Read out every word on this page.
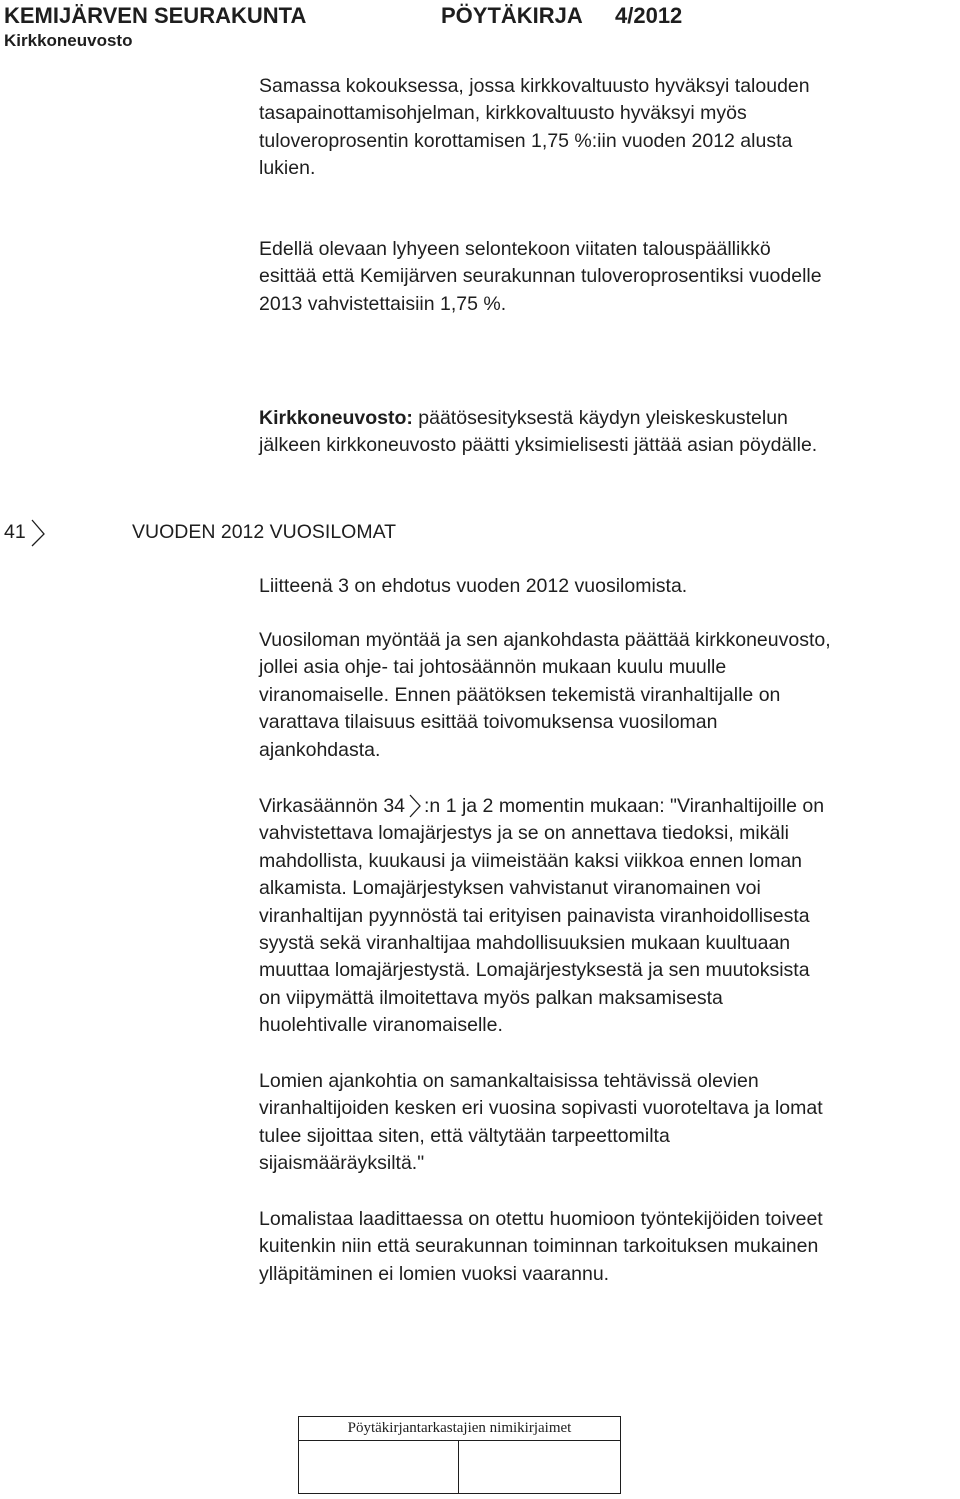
KEMIJÄRVEN SEURAKUNTA	PÖYTÄKIRJA 4/2012
Kirkkoneuvosto
Samassa kokouksessa, jossa kirkkovaltuusto hyväksyi talouden
tasapainottamisohjelman, kirkkovaltuusto hyväksyi myös
tuloveroprosentin korottamisen 1,75 %:iin vuoden 2012 alusta
lukien.
Edellä olevaan lyhyeen selontekoon viitaten talouspäällikkö
esittää että Kemijärven seurakunnan tuloveroprosentiksi vuodelle
2013 vahvistettaisiin 1,75 %.
Kirkkoneuvosto: päätösesityksestä käydyn yleiskeskustelun
jälkeen kirkkoneuvosto päätti yksimielisesti jättää asian pöydälle.
41	VUODEN 2012 VUOSILOMAT
Liitteenä 3 on ehdotus vuoden 2012 vuosilomista.
Vuosiloman myöntää ja sen ajankohdasta päättää kirkkoneuvosto,
jollei asia ohje- tai johtosäännön mukaan kuulu muulle
viranomaiselle. Ennen päätöksen tekemistä viranhaltijalle on
varattava tilaisuus esittää toivomuksensa vuosiloman
ajankohdasta.
Virkasäännön 34 :n 1 ja 2 momentin mukaan: "Viranhaltijoille on
vahvistettava lomajärjestys ja se on annettava tiedoksi, mikäli
mahdollista, kuukausi ja viimeistään kaksi viikkoa ennen loman
alkamista. Lomajärjestyksen vahvistanut viranomainen voi
viranhaltijan pyynnöstä tai erityisen painavista viranhoidollisesta
syystä sekä viranhaltijaa mahdollisuuksien mukaan kuultuaan
muuttaa lomajärjestystä. Lomajärjestyksestä ja sen muutoksista
on viipymättä ilmoitettava myös palkan maksamisesta
huolehtivalle viranomaiselle.
Lomien ajankohtia on samankaltaisissa tehtävissä olevien
viranhaltijoiden kesken eri vuosina sopivasti vuoroteltava ja lomat
tulee sijoittaa siten, että vältytään tarpeettomilta
sijaismääräyksiltä."
Lomalistaa laadittaessa on otettu huomioon työntekijöiden toiveet
kuitenkin niin että seurakunnan toiminnan tarkoituksen mukainen
ylläpitäminen ei lomien vuoksi vaarannu.
Pöytäkirjantarkastajien nimikirjaimet
